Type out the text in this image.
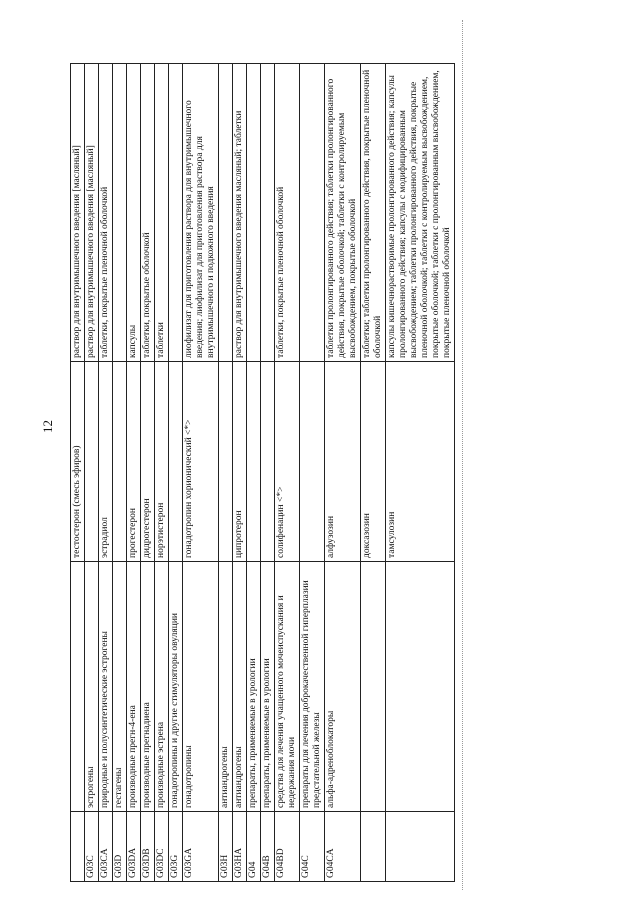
12
		тестостерон (смесь эфиров)	раствор для внутримышечного введения [масляный]
G03C	эстрогены		раствор для внутримышечного введения [масляный]
G03CA	природные и полусинтетические эстрогены	эстрадиол	таблетки, покрытые пленочной оболочкой
G03D	гестагены		
G03DA	производные прегн-4-ена	прогестерон	капсулы
G03DB	производные прегнадиена	дидрогестерон	таблетки, покрытые оболочкой
G03DC	производные эстрена	норэтистерон	таблетки
G03G	гонадотропины и другие стимуляторы овуляции		
G03GA	гонадотропины	гонадотропин хорионический <*>	лиофилизат для приготовления раствора для внутримышечного введения; лиофилизат для приготовления раствора для внутримышечного и подкожного введения
G03H	антиандрогены		
G03HA	антиандрогены	ципротерон	раствор для внутримышечного введения масляный; таблетки
G04	препараты, применяемые в урологии		
G04B	препараты, применяемые в урологии		
G04BD	средства для лечения учащенного мочеиспускания и недержания мочи	солифенацин <*>	таблетки, покрытые пленочной оболочкой
G04C	препараты для лечения доброкачественной гиперплазии предстательной железы		
G04CA	альфа-адреноблокаторы	алфузозин	таблетки пролонгированного действия; таблетки пролонгированного действия, покрытые оболочкой; таблетки с контролируемым высвобождением, покрытые оболочкой
		доксазозин	таблетки; таблетки пролонгированного действия, покрытые пленочной оболочкой
		тамсулозин	капсулы кишечнорастворимые пролонгированного действия; капсулы пролонгированного действия; капсулы с модифицированным высвобождением; таблетки пролонгированного действия, покрытые пленочной оболочкой; таблетки с контролируемым высвобождением, покрытые оболочкой; таблетки с пролонгированным высвобождением, покрытые пленочной оболочкой
